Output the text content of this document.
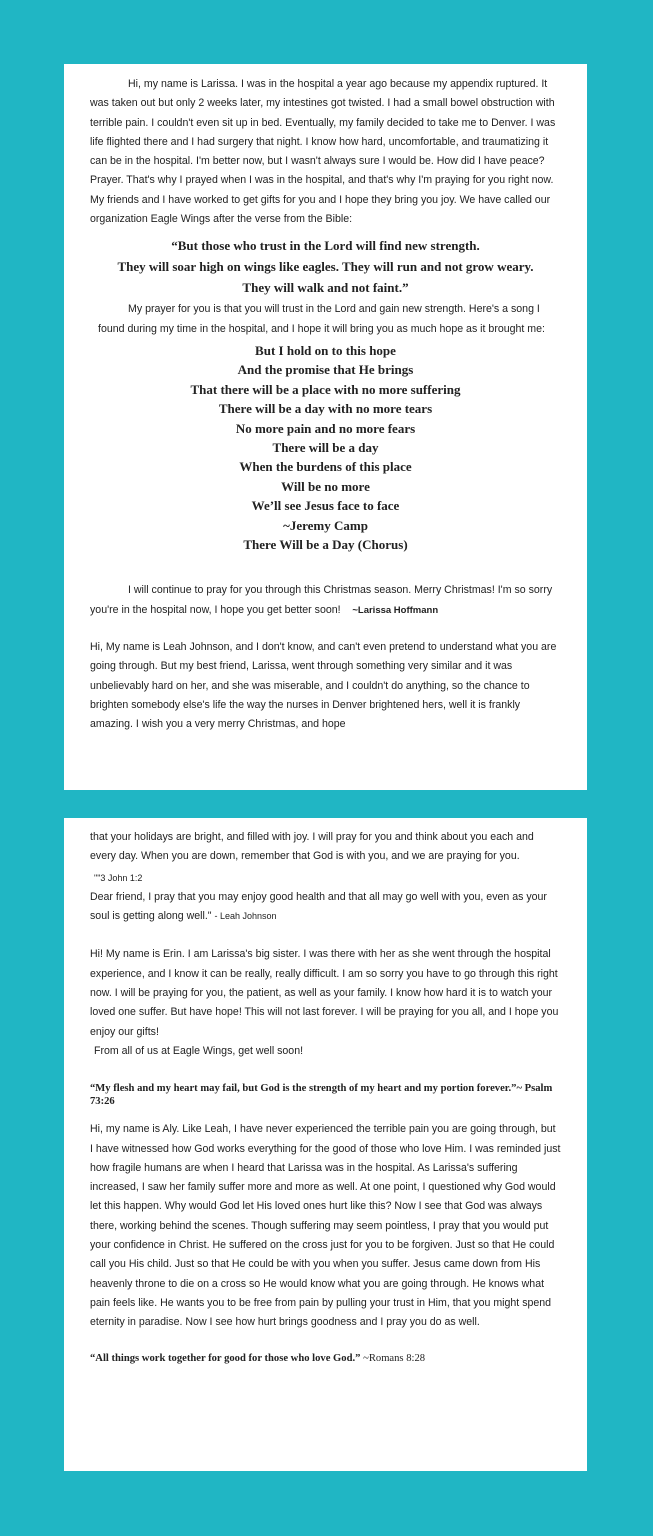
Hi, my name is Larissa. I was in the hospital a year ago because my appendix ruptured. It was taken out but only 2 weeks later, my intestines got twisted. I had a small bowel obstruction with terrible pain. I couldn't even sit up in bed. Eventually, my family decided to take me to Denver. I was life flighted there and I had surgery that night. I know how hard, uncomfortable, and traumatizing it can be in the hospital. I'm better now, but I wasn't always sure I would be. How did I have peace? Prayer. That's why I prayed when I was in the hospital, and that's why I'm praying for you right now. My friends and I have worked to get gifts for you and I hope they bring you joy. We have called our organization Eagle Wings after the verse from the Bible:

“But those who trust in the Lord will find new strength.
They will soar high on wings like eagles. They will run and not grow weary.
They will walk and not faint.”

My prayer for you is that you will trust in the Lord and gain new strength. Here's a song I found during my time in the hospital, and I hope it will bring you as much hope as it brought me:

But I hold on to this hope
And the promise that He brings
That there will be a place with no more suffering
There will be a day with no more tears
No more pain and no more fears
There will be a day
When the burdens of this place
Will be no more
We’ll see Jesus face to face
~Jeremy Camp
There Will be a Day (Chorus)

I will continue to pray for you through this Christmas season. Merry Christmas! I'm so sorry you're in the hospital now, I hope you get better soon! ~Larissa Hoffmann

Hi, My name is Leah Johnson, and I don't know, and can't even pretend to understand what you are going through. But my best friend, Larissa, went through something very similar and it was unbelievably hard on her, and she was miserable, and I couldn't do anything, so the chance to brighten somebody else's life the way the nurses in Denver brightened hers, well it is frankly amazing. I wish you a very merry Christmas, and hope

that your holidays are bright, and filled with joy. I will pray for you and think about you each and every day. When you are down, remember that God is with you, and we are praying for you.

""3 John 1:2

Dear friend, I pray that you may enjoy good health and that all may go well with you, even as your soul is getting along well." - Leah Johnson

Hi! My name is Erin. I am Larissa's big sister. I was there with her as she went through the hospital experience, and I know it can be really, really difficult. I am so sorry you have to go through this right now. I will be praying for you, the patient, as well as your family. I know how hard it is to watch your loved one suffer. But have hope! This will not last forever. I will be praying for you all, and I hope you enjoy our gifts!

From all of us at Eagle Wings, get well soon!

“My flesh and my heart may fail, but God is the strength of my heart and my portion forever.”~ Psalm 73:26

Hi, my name is Aly. Like Leah, I have never experienced the terrible pain you are going through, but I have witnessed how God works everything for the good of those who love Him. I was reminded just how fragile humans are when I heard that Larissa was in the hospital. As Larissa's suffering increased, I saw her family suffer more and more as well. At one point, I questioned why God would let this happen. Why would God let His loved ones hurt like this? Now I see that God was always there, working behind the scenes. Though suffering may seem pointless, I pray that you would put your confidence in Christ. He suffered on the cross just for you to be forgiven. Just so that He could call you His child. Just so that He could be with you when you suffer. Jesus came down from His heavenly throne to die on a cross so He would know what you are going through. He knows what pain feels like. He wants you to be free from pain by pulling your trust in Him, that you might spend eternity in paradise. Now I see how hurt brings goodness and I pray you do as well.

“All things work together for good for those who love God.” ~Romans 8:28
